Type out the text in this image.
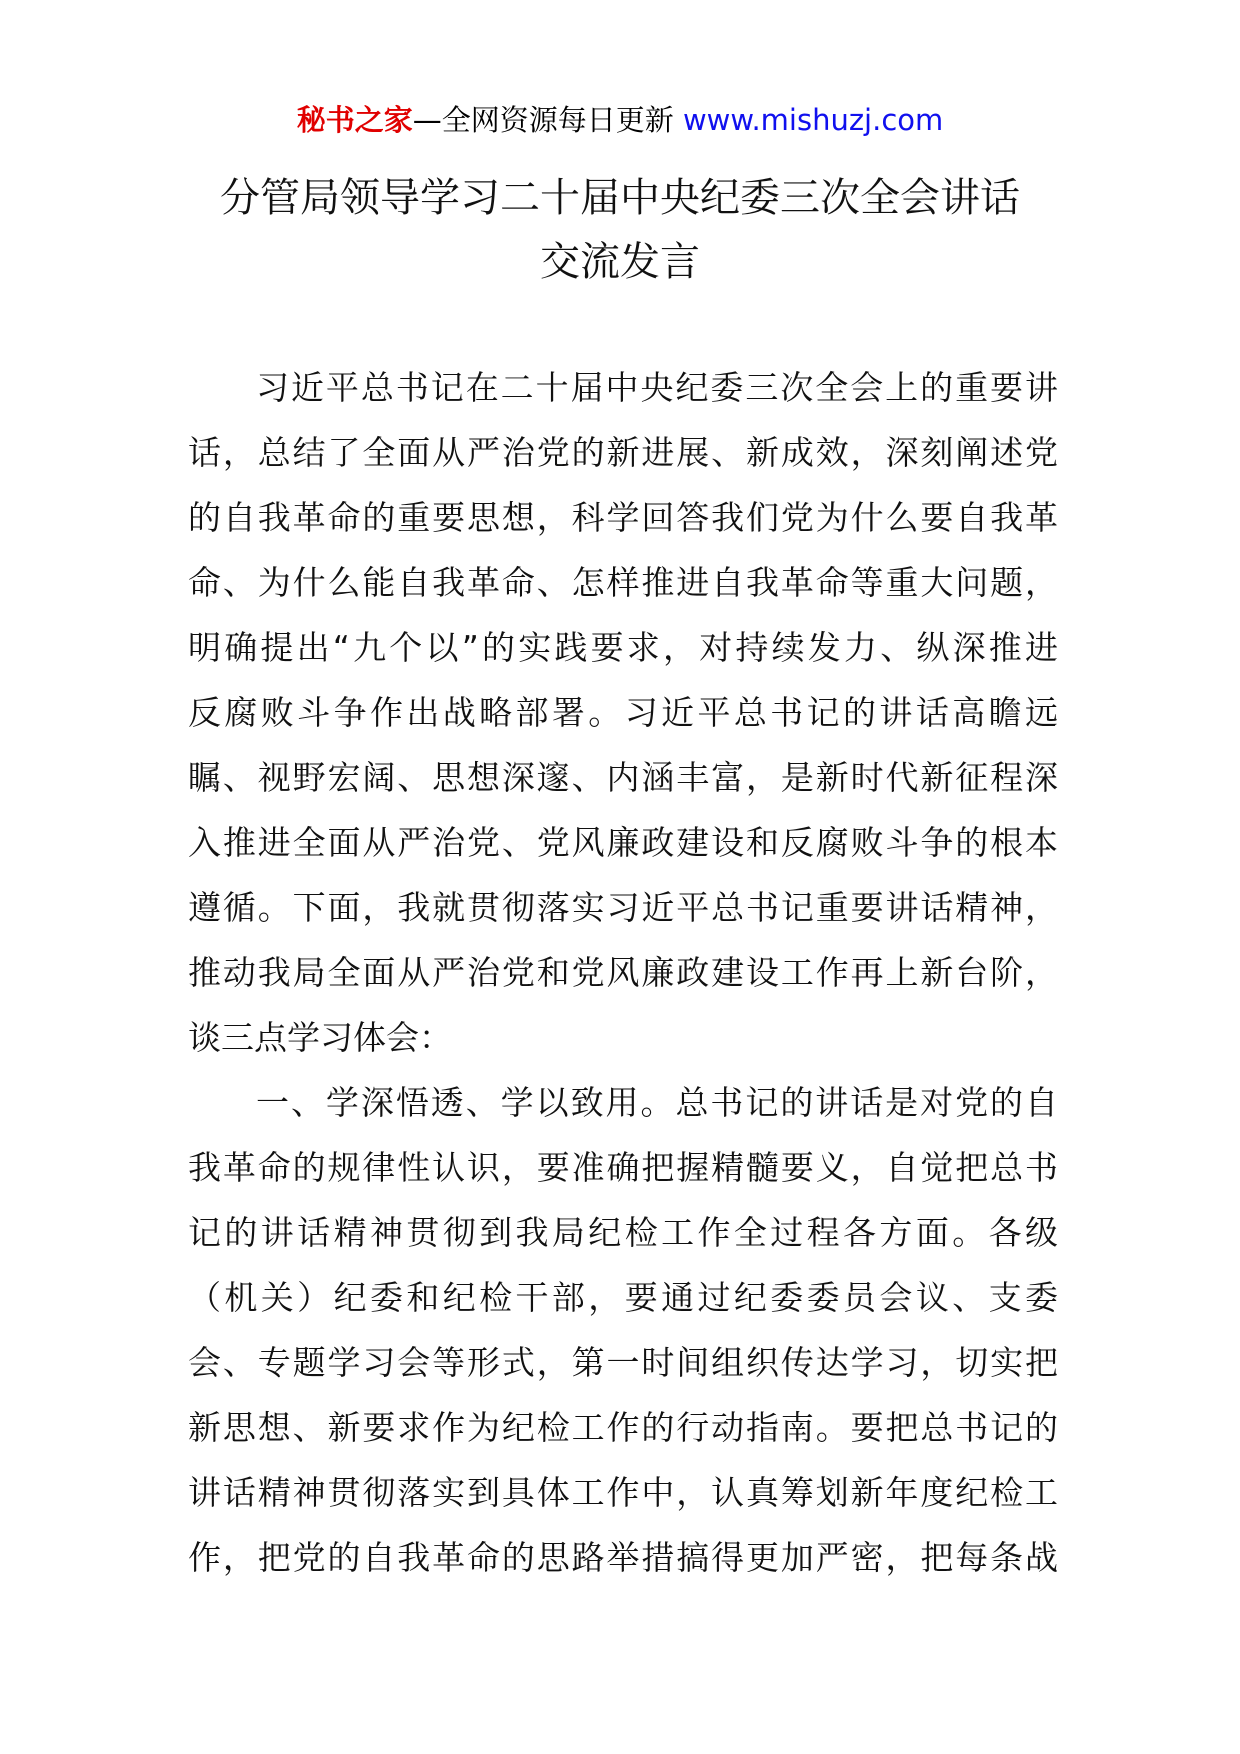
秘书之家—全网资源每日更新 www.mishuzj.com
分管局领导学习二十届中央纪委三次全会讲话
交流发言
习近平总书记在二十届中央纪委三次全会上的重要讲
话，总结了全面从严治党的新进展、新成效，深刻阐述党
的自我革命的重要思想，科学回答我们党为什么要自我革
命、为什么能自我革命、怎样推进自我革命等重大问题，
明确提出“九个以”的实践要求，对持续发力、纵深推进
反腐败斗争作出战略部署。习近平总书记的讲话高瞻远
瞩、视野宏阔、思想深邃、内涵丰富，是新时代新征程深
入推进全面从严治党、党风廉政建设和反腐败斗争的根本
遵循。下面，我就贯彻落实习近平总书记重要讲话精神，
推动我局全面从严治党和党风廉政建设工作再上新台阶，
谈三点学习体会：
一、学深悟透、学以致用。总书记的讲话是对党的自
我革命的规律性认识，要准确把握精髓要义，自觉把总书
记的讲话精神贯彻到我局纪检工作全过程各方面。各级
（机关）纪委和纪检干部，要通过纪委委员会议、支委
会、专题学习会等形式，第一时间组织传达学习，切实把
新思想、新要求作为纪检工作的行动指南。要把总书记的
讲话精神贯彻落实到具体工作中，认真筹划新年度纪检工
作，把党的自我革命的思路举措搞得更加严密，把每条战
